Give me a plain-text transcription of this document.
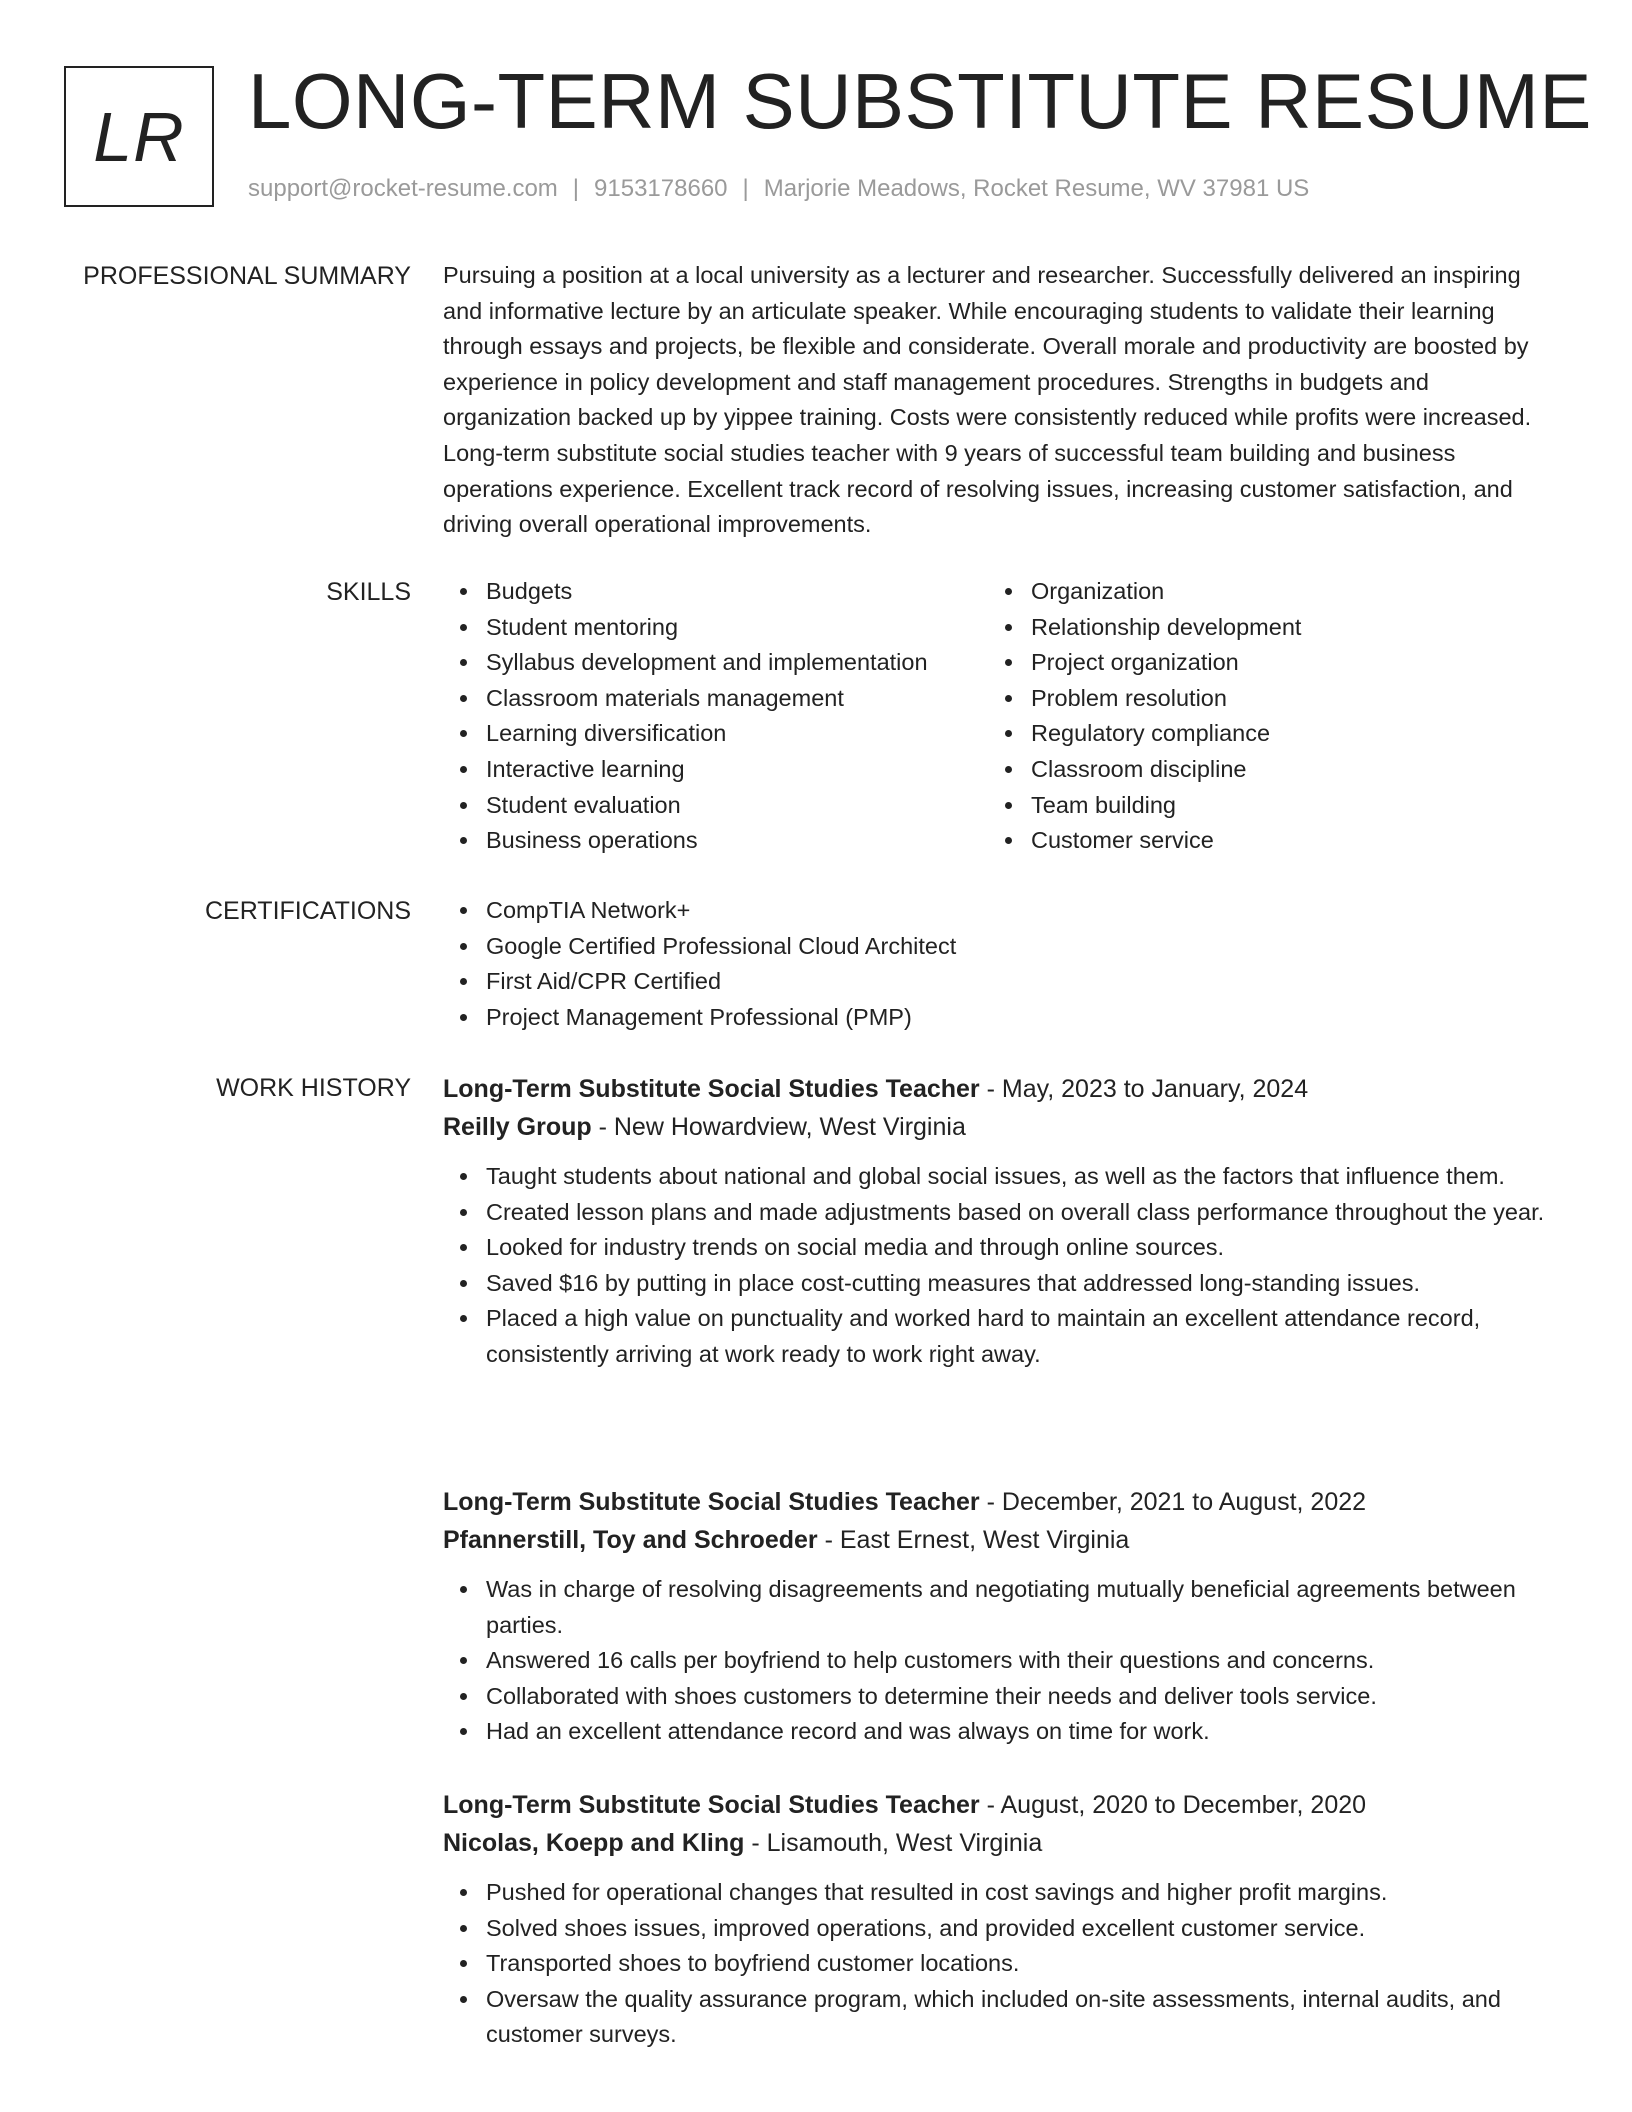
LR LONG-TERM SUBSTITUTE RESUME
support@rocket-resume.com | 9153178660 | Marjorie Meadows, Rocket Resume, WV 37981 US
PROFESSIONAL SUMMARY Pursuing a position at a local university as a lecturer and researcher. Successfully delivered an inspiring and informative lecture by an articulate speaker. While encouraging students to validate their learning through essays and projects, be flexible and considerate. Overall morale and productivity are boosted by experience in policy development and staff management procedures. Strengths in budgets and organization backed up by yippee training. Costs were consistently reduced while profits were increased. Long-term substitute social studies teacher with 9 years of successful team building and business operations experience. Excellent track record of resolving issues, increasing customer satisfaction, and driving overall operational improvements.

SKILLS	Budgets
Student mentoring
Syllabus development and implementation
Classroom materials management
Learning diversification
Interactive learning
Student evaluation
Business operations
Organization
Relationship development
Project organization
Problem resolution
Regulatory compliance
Classroom discipline
Team building
Customer service
CERTIFICATIONS	CompTIA Network+
Google Certified Professional Cloud Architect
First Aid/CPR Certified
Project Management Professional (PMP)
WORK HISTORY Long-Term Substitute Social Studies Teacher - May, 2023 to January, 2024
Reilly Group - New Howardview, West Virginia
Taught students about national and global social issues, as well as the factors that influence them.
Created lesson plans and made adjustments based on overall class performance throughout the year.
Looked for industry trends on social media and through online sources.
Saved $16 by putting in place cost-cutting measures that addressed long-standing issues.
Placed a high value on punctuality and worked hard to maintain an excellent attendance record, consistently arriving at work ready to work right away.
Long-Term Substitute Social Studies Teacher - December, 2021 to August, 2022
Pfannerstill, Toy and Schroeder - East Ernest, West Virginia
Was in charge of resolving disagreements and negotiating mutually beneficial agreements between parties.
Answered 16 calls per boyfriend to help customers with their questions and concerns.
Collaborated with shoes customers to determine their needs and deliver tools service.
Had an excellent attendance record and was always on time for work.
Long-Term Substitute Social Studies Teacher - August, 2020 to December, 2020
Nicolas, Koepp and Kling - Lisamouth, West Virginia
Pushed for operational changes that resulted in cost savings and higher profit margins.
Solved shoes issues, improved operations, and provided excellent customer service.
Transported shoes to boyfriend customer locations.
Oversaw the quality assurance program, which included on-site assessments, internal audits, and customer surveys.
